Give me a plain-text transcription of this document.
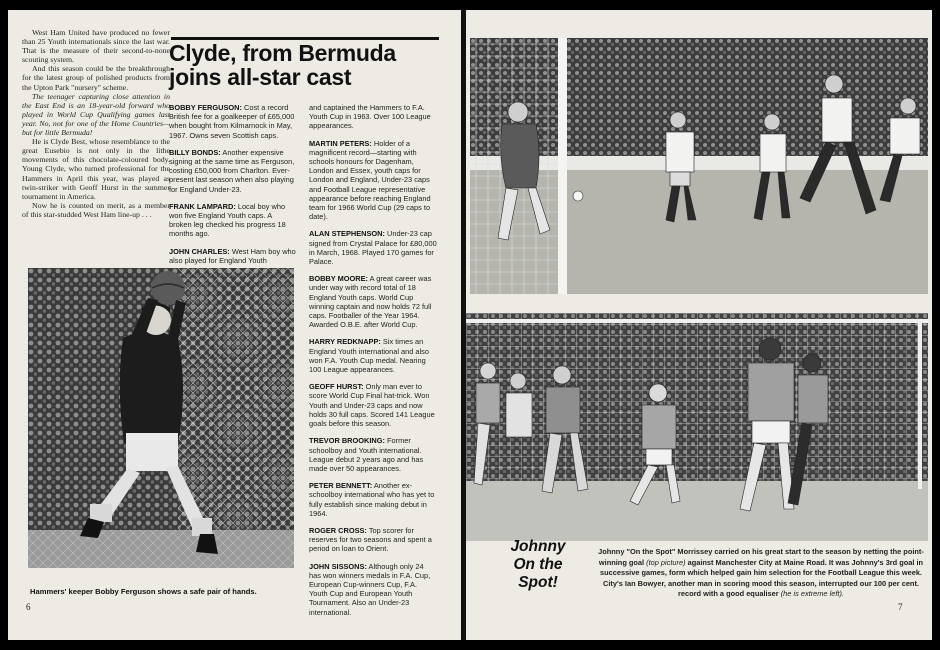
West Ham United have produced no fewer than 25 Youth internationals since the last war. That is the measure of their second-to-none scouting system.

And this season could be the breakthrough for the latest group of polished products from the Upton Park "nursery" scheme.

The teenager capturing close attention in the East End is an 18-year-old forward who played in World Cup Qualifying games last year. No, not for one of the Home Countries—but for little Bermuda!

He is Clyde Best, whose resemblance to the great Eusebio is not only in the lithe movements of this chocolate-coloured body. Young Clyde, who turned professional for the Hammers in April this year, was played as twin-striker with Geoff Hurst in the summer tournament in America.

Now he is counted on merit, as a member of this star-studded West Ham line-up . . .

Clyde, from Bermuda
joins all-star cast
BOBBY FERGUSON: Cost a record British fee for a goalkeeper of £65,000 when bought from Kilmarnock in May, 1967. Owns seven Scottish caps.
BILLY BONDS: Another expensive signing at the same time as Ferguson, costing £50,000 from Charlton. Ever-present last season when also playing for England Under-23.
FRANK LAMPARD: Local boy who won five England Youth caps. A broken leg checked his progress 18 months ago.
JOHN CHARLES: West Ham boy who also played for England Youth
and captained the Hammers to F.A. Youth Cup in 1963. Over 100 League appearances.
MARTIN PETERS: Holder of a magnificent record—starting with schools honours for Dagenham, London and Essex, youth caps for London and England, Under-23 caps and Football League representative appearance before reaching England team for 1966 World Cup (29 caps to date).
ALAN STEPHENSON: Under-23 cap signed from Crystal Palace for £80,000 in March, 1968. Played 170 games for Palace.
BOBBY MOORE: A great career was under way with record total of 18 England Youth caps. World Cup winning captain and now holds 72 full caps. Footballer of the Year 1964. Awarded O.B.E. after World Cup.
HARRY REDKNAPP: Six times an England Youth international and also won F.A. Youth Cup medal. Nearing 100 League appearances.
GEOFF HURST: Only man ever to score World Cup Final hat-trick. Won Youth and Under-23 caps and now holds 30 full caps. Scored 141 League goals before this season.
TREVOR BROOKING: Former schoolboy and Youth international. League debut 2 years ago and has made over 50 appearances.
PETER BENNETT: Another ex-schoolboy international who has yet to fully establish since making debut in 1964.
ROGER CROSS: Top scorer for reserves for two seasons and spent a period on loan to Orient.
JOHN SISSONS: Although only 24 has won winners medals in F.A. Cup, European Cup-winners Cup, F.A. Youth Cup and European Youth Tournament. Also an Under-23 international.
Hammers' keeper Bobby Ferguson shows a safe pair of hands.
6
Johnny
On the
Spot!
Johnny "On the Spot" Morrissey carried on his great start to the season by netting the point-winning goal (top picture) against Manchester City at Maine Road. It was Johnny's 3rd goal in successive games, form which helped gain him selection for the Football League this week. City's Ian Bowyer, another man in scoring mood this season, interrupted our 100 per cent. record with a good equaliser (he is extreme left).
7
